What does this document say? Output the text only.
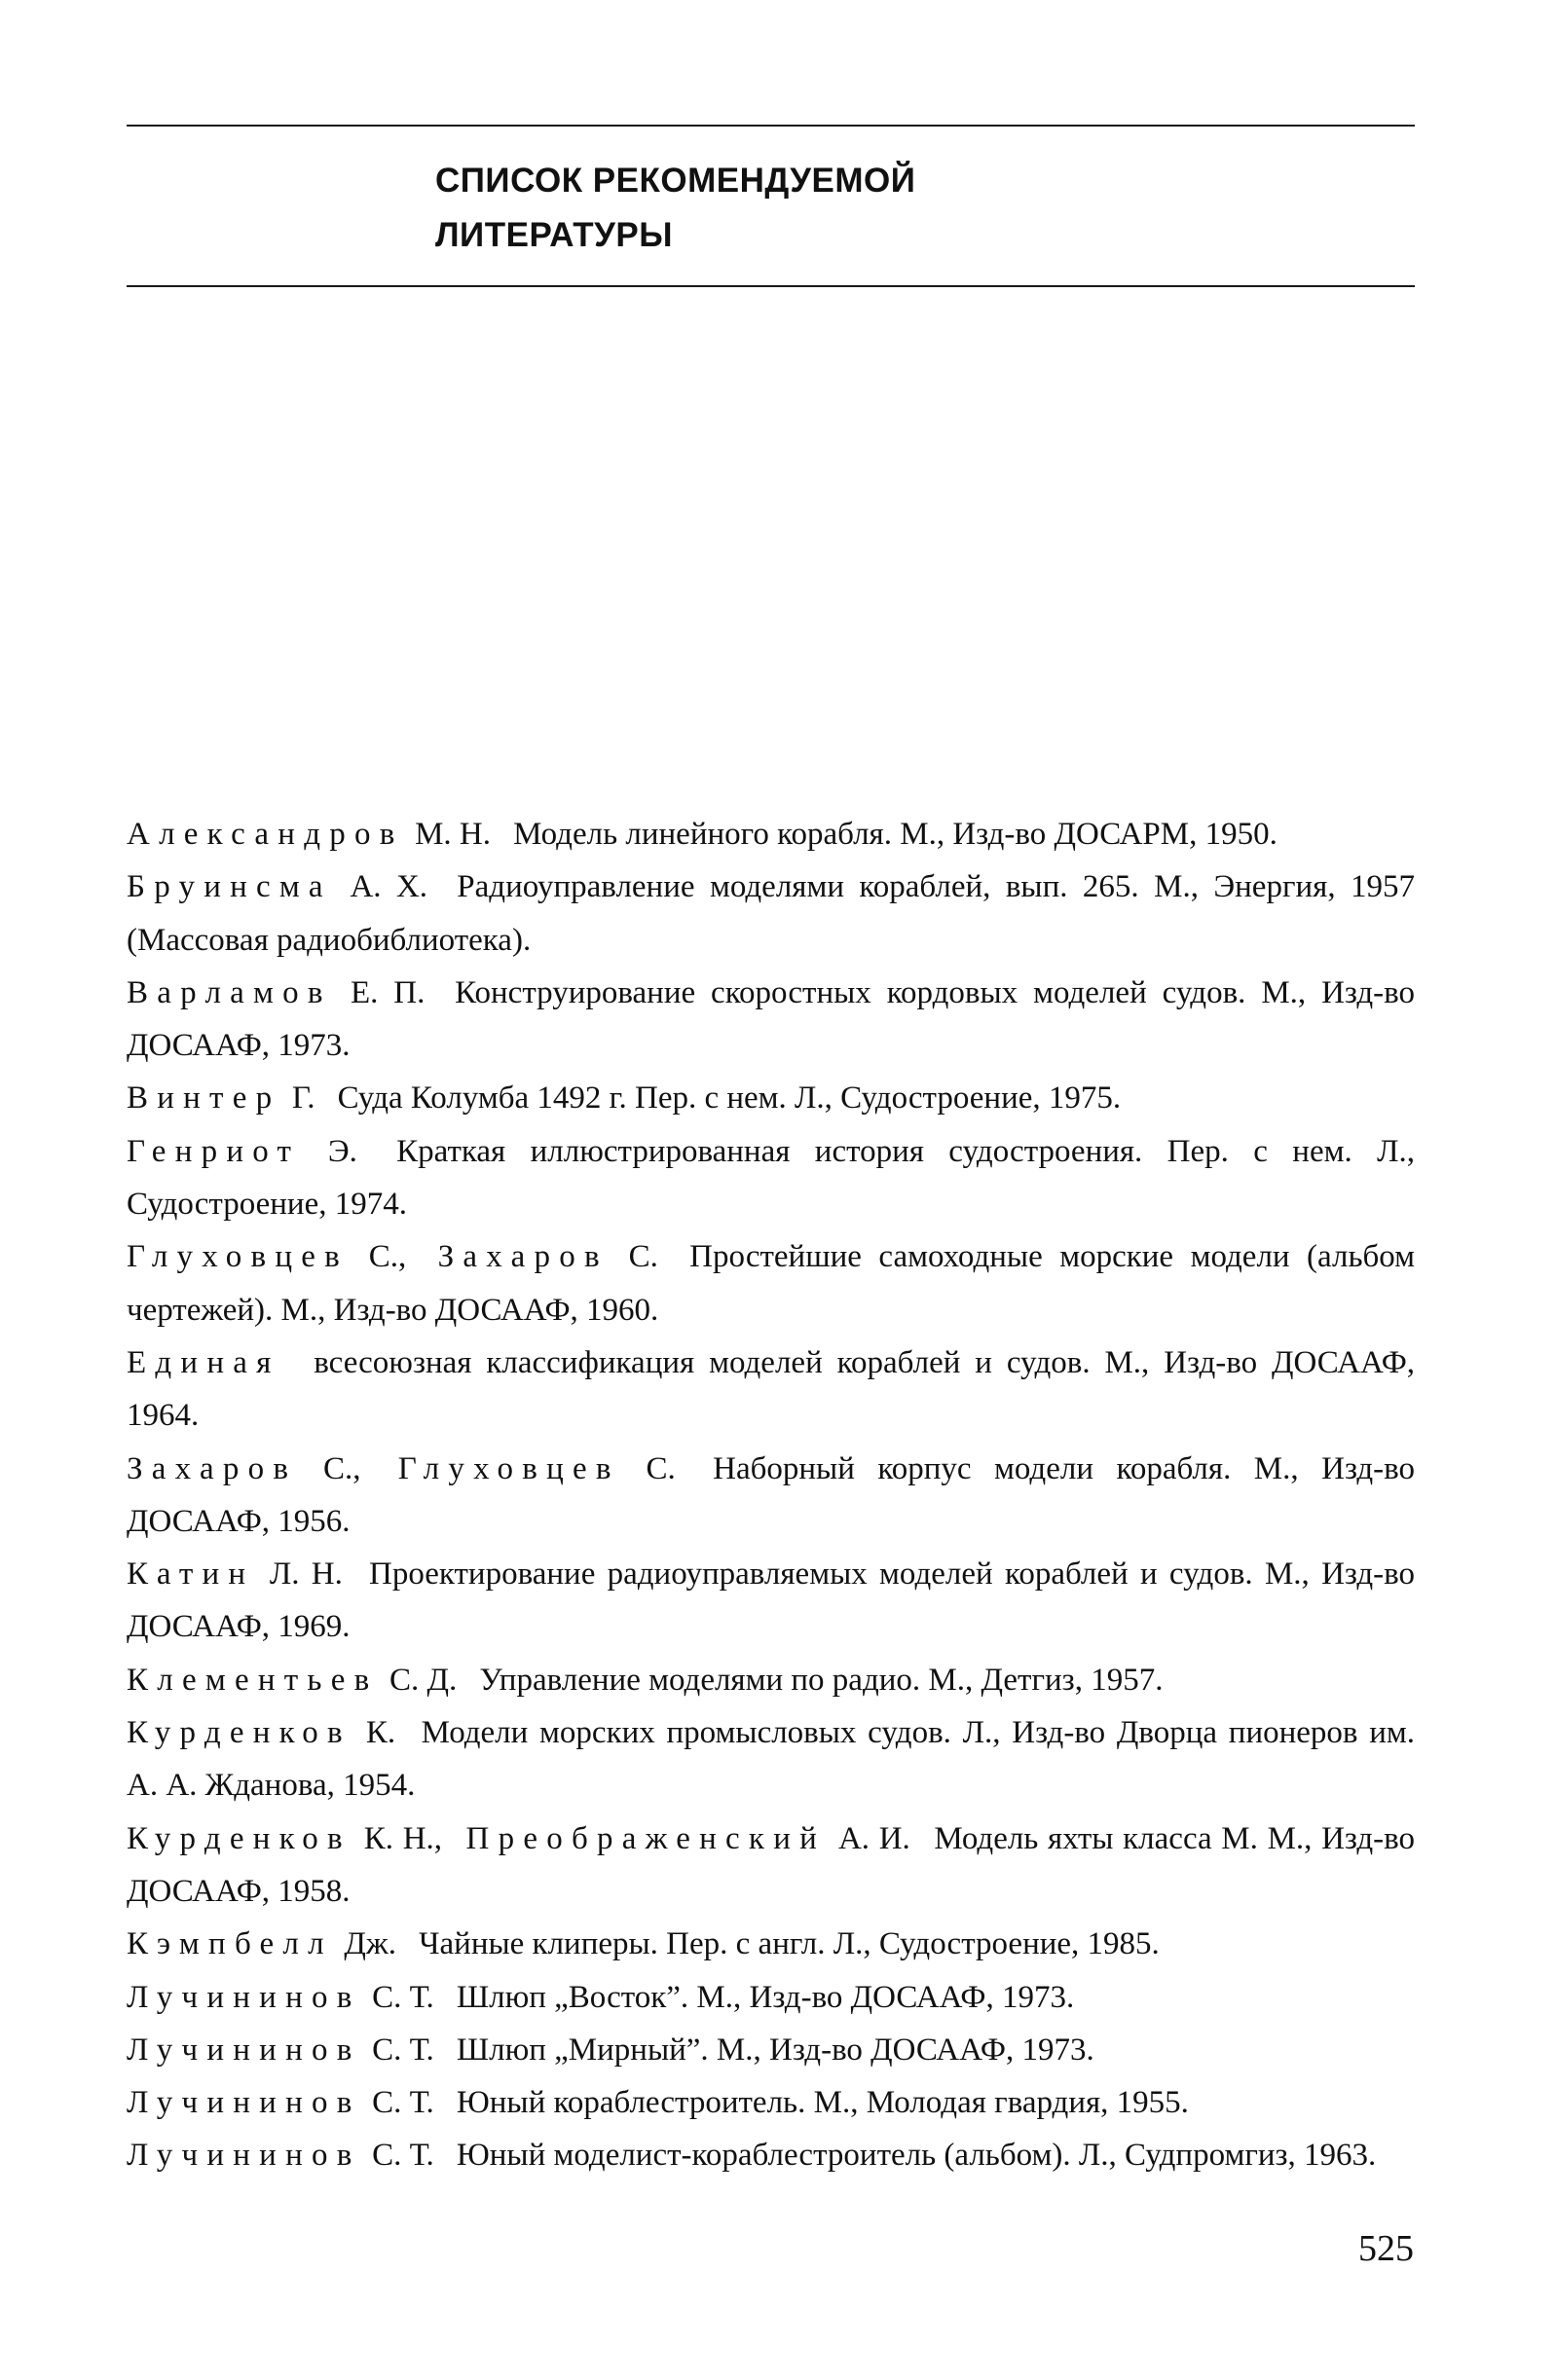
СПИСОК РЕКОМЕНДУЕМОЙ
ЛИТЕРАТУРЫ
Александров М. Н. Модель линейного корабля. М., Изд-во ДОСАРМ, 1950.
Бруинсма А. Х. Радиоуправление моделями кораблей, вып. 265. М., Энергия, 1957 (Массовая радиобиблиотека).
Варламов Е. П. Конструирование скоростных кордовых моделей судов. М., Изд-во ДОСААФ, 1973.
Винтер Г. Суда Колумба 1492 г. Пер. с нем. Л., Судостроение, 1975.
Генриот Э. Краткая иллюстрированная история судостроения. Пер. с нем. Л., Судостроение, 1974.
Глуховцев С., Захаров С. Простейшие самоходные морские модели (альбом чертежей). М., Изд-во ДОСААФ, 1960.
Единая всесоюзная классификация моделей кораблей и судов. М., Изд-во ДОСААФ, 1964.
Захаров С., Глуховцев С. Наборный корпус модели корабля. М., Изд-во ДОСААФ, 1956.
Катин Л. Н. Проектирование радиоуправляемых моделей кораблей и судов. М., Изд-во ДОСААФ, 1969.
Клементьев С. Д. Управление моделями по радио. М., Детгиз, 1957.
Курденков К. Модели морских промысловых судов. Л., Изд-во Дворца пионеров им. А. А. Жданова, 1954.
Курденков К. Н., Преображенский А. И. Модель яхты класса М. М., Изд-во ДОСААФ, 1958.
Кэмпбелл Дж. Чайные клиперы. Пер. с англ. Л., Судостроение, 1985.
Лучининов С. Т. Шлюп „Восток”. М., Изд-во ДОСААФ, 1973.
Лучининов С. Т. Шлюп „Мирный”. М., Изд-во ДОСААФ, 1973.
Лучининов С. Т. Юный кораблестроитель. М., Молодая гвардия, 1955.
Лучининов С. Т. Юный моделист-кораблестроитель (альбом). Л., Судпромгиз, 1963.
525
